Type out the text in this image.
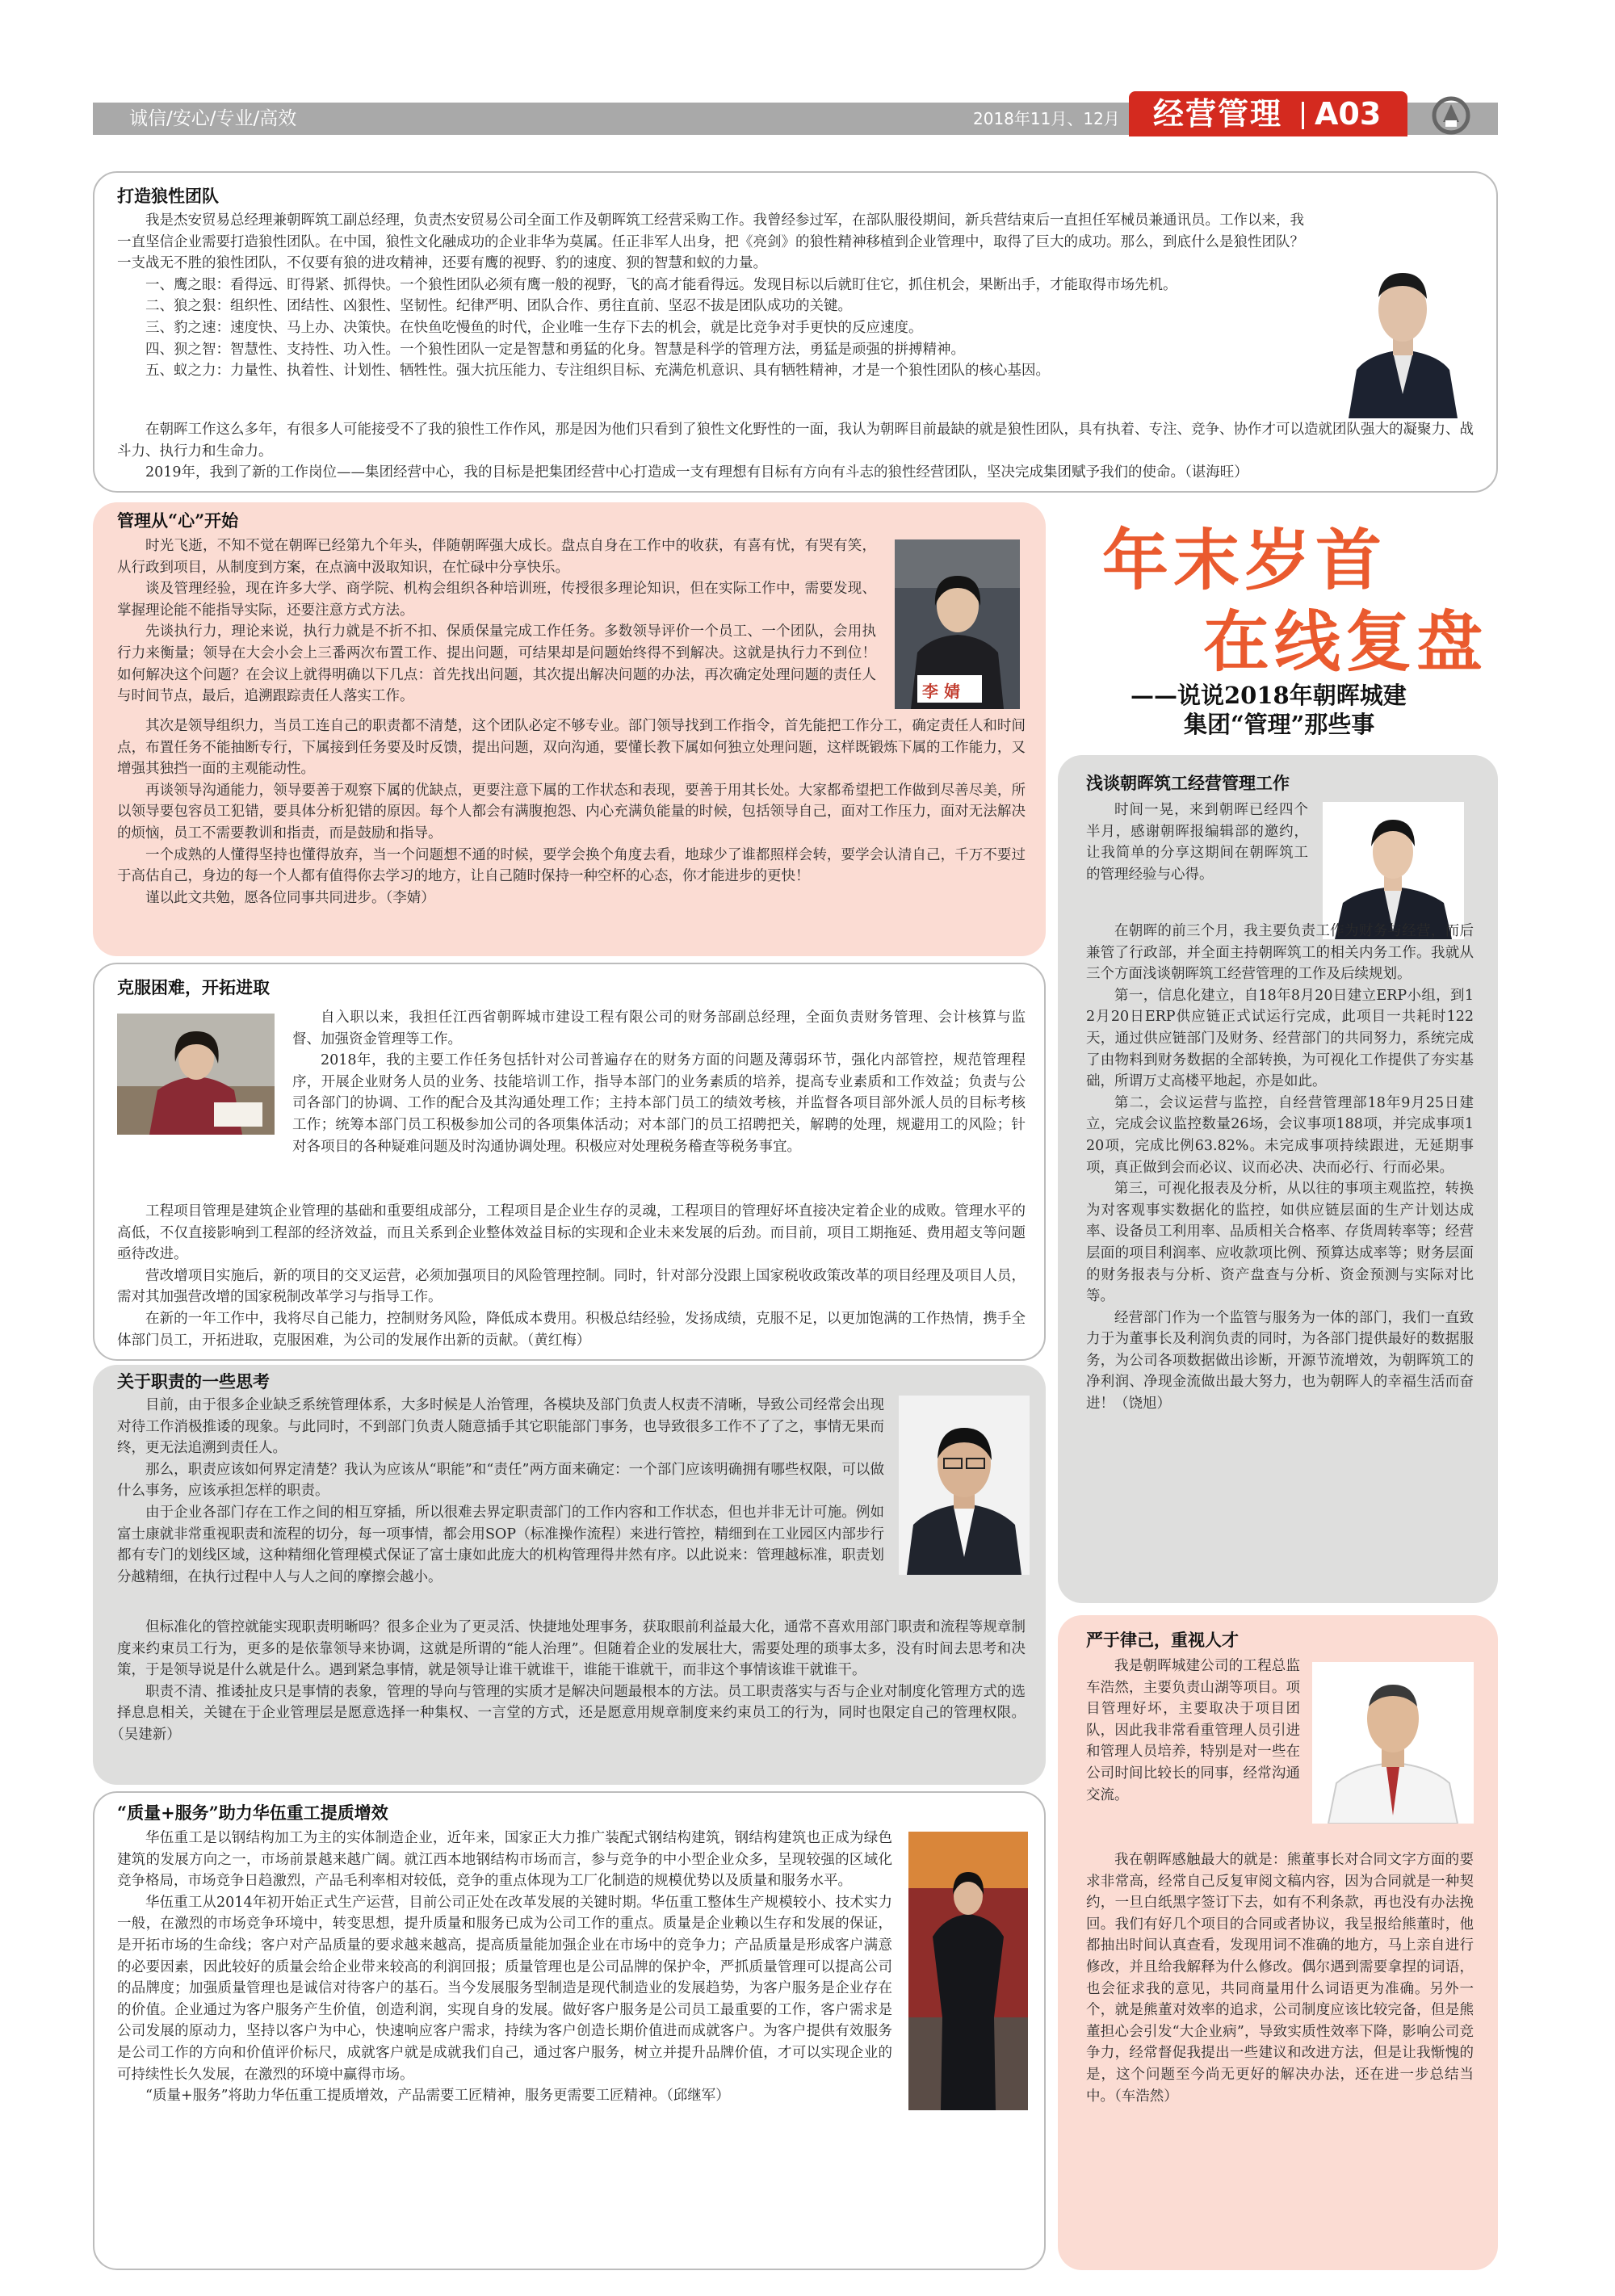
诚信/安心/专业/高效	2018年11月、12月 经营管理 A03
打造狼性团队

我是杰安贸易总经理兼朝晖筑工副总经理，负责杰安贸易公司全面工作及朝晖筑工经营采购工作。我曾经参过军，在部队服役期间，新兵营结束后一直担任军械员兼通讯员。工作以来，我一直坚信企业需要打造狼性团队。在中国，狼性文化融成功的企业非华为莫属。任正非军人出身，把《亮剑》的狼性精神移植到企业管理中，取得了巨大的成功。那么，到底什么是狼性团队？一支战无不胜的狼性团队，不仅要有狼的进攻精神，还要有鹰的视野、豹的速度、狈的智慧和蚁的力量。

一、鹰之眼：看得远、盯得紧、抓得快。一个狼性团队必须有鹰一般的视野，飞的高才能看得远。发现目标以后就盯住它，抓住机会，果断出手，才能取得市场先机。

二、狼之狠：组织性、团结性、凶狠性、坚韧性。纪律严明、团队合作、勇往直前、坚忍不拔是团队成功的关键。

三、豹之速：速度快、马上办、决策快。在快鱼吃慢鱼的时代，企业唯一生存下去的机会，就是比竞争对手更快的反应速度。

四、狈之智：智慧性、支持性、功入性。一个狼性团队一定是智慧和勇猛的化身。智慧是科学的管理方法，勇猛是顽强的拼搏精神。

五、蚁之力：力量性、执着性、计划性、牺牲性。强大抗压能力、专注组织目标、充满危机意识、具有牺牲精神，才是一个狼性团队的核心基因。

在朝晖工作这么多年，有很多人可能接受不了我的狼性工作作风，那是因为他们只看到了狼性文化野性的一面，我认为朝晖目前最缺的就是狼性团队，具有执着、专注、竞争、协作才可以造就团队强大的凝聚力、战斗力、执行力和生命力。

2019年，我到了新的工作岗位——集团经营中心，我的目标是把集团经营中心打造成一支有理想有目标有方向有斗志的狼性经营团队，坚决完成集团赋予我们的使命。（谌海旺）

管理从“心”开始

时光飞逝，不知不觉在朝晖已经第九个年头，伴随朝晖强大成长。盘点自身在工作中的收获，有喜有忧，有哭有笑，从行政到项目，从制度到方案，在点滴中汲取知识，在忙碌中分享快乐。

谈及管理经验，现在许多大学、商学院、机构会组织各种培训班，传授很多理论知识，但在实际工作中，需要发现、掌握理论能不能指导实际，还要注意方式方法。

先谈执行力，理论来说，执行力就是不折不扣、保质保量完成工作任务。多数领导评价一个员工、一个团队，会用执行力来衡量；领导在大会小会上三番两次布置工作、提出问题，可结果却是问题始终得不到解决。这就是执行力不到位！如何解决这个问题？在会议上就得明确以下几点：首先找出问题，其次提出解决问题的办法，再次确定处理问题的责任人与时间节点，最后，追溯跟踪责任人落实工作。

其次是领导组织力，当员工连自己的职责都不清楚，这个团队必定不够专业。部门领导找到工作指令，首先能把工作分工，确定责任人和时间点，布置任务不能抽断专行，下属接到任务要及时反馈，提出问题，双向沟通，要懂长教下属如何独立处理问题，这样既锻炼下属的工作能力，又增强其独挡一面的主观能动性。

再谈领导沟通能力，领导要善于观察下属的优缺点，更要注意下属的工作状态和表现，要善于用其长处。大家都希望把工作做到尽善尽美，所以领导要包容员工犯错，要具体分析犯错的原因。每个人都会有满腹抱怨、内心充满负能量的时候，包括领导自己，面对工作压力，面对无法解决的烦恼，员工不需要教训和指责，而是鼓励和指导。

一个成熟的人懂得坚持也懂得放弃，当一个问题想不通的时候，要学会换个角度去看，地球少了谁都照样会转，要学会认清自己，千万不要过于高估自己，身边的每一个人都有值得你去学习的地方，让自己随时保持一种空杯的心态，你才能进步的更快！

谨以此文共勉，愿各位同事共同进步。（李婧）

李 婧
年末岁首
在线复盘
——说说2018年朝晖城建
集团“管理”那些事
克服困难，开拓进取

自入职以来，我担任江西省朝晖城市建设工程有限公司的财务部副总经理，全面负责财务管理、会计核算与监督、加强资金管理等工作。

2018年，我的主要工作任务包括针对公司普遍存在的财务方面的问题及薄弱环节，强化内部管控，规范管理程序，开展企业财务人员的业务、技能培训工作，指导本部门的业务素质的培养，提高专业素质和工作效益；负责与公司各部门的协调、工作的配合及其沟通处理工作；主持本部门员工的绩效考核，并监督各项目部外派人员的目标考核工作；统筹本部门员工积极参加公司的各项集体活动；对本部门的员工招聘把关，解聘的处理，规避用工的风险；针对各项目的各种疑难问题及时沟通协调处理。积极应对处理税务稽查等税务事宜。

工程项目管理是建筑企业管理的基础和重要组成部分，工程项目是企业生存的灵魂，工程项目的管理好坏直接决定着企业的成败。管理水平的高低，不仅直接影响到工程部的经济效益，而且关系到企业整体效益目标的实现和企业未来发展的后劲。而目前，项目工期拖延、费用超支等问题亟待改进。

营改增项目实施后，新的项目的交叉运营，必须加强项目的风险管理控制。同时，针对部分没跟上国家税收政策改革的项目经理及项目人员，需对其加强营改增的国家税制改革学习与指导工作。

在新的一年工作中，我将尽自己能力，控制财务风险，降低成本费用。积极总结经验，发扬成绩，克服不足，以更加饱满的工作热情，携手全体部门员工，开拓进取，克服困难，为公司的发展作出新的贡献。（黄红梅）

关于职责的一些思考

目前，由于很多企业缺乏系统管理体系，大多时候是人治管理，各模块及部门负责人权责不清晰，导致公司经常会出现对待工作消极推诿的现象。与此同时，不到部门负责人随意插手其它职能部门事务，也导致很多工作不了了之，事情无果而终，更无法追溯到责任人。

那么，职责应该如何界定清楚？我认为应该从“职能”和“责任”两方面来确定：一个部门应该明确拥有哪些权限，可以做什么事务，应该承担怎样的职责。

由于企业各部门存在工作之间的相互穿插，所以很难去界定职责部门的工作内容和工作状态，但也并非无计可施。例如富士康就非常重视职责和流程的切分，每一项事情，都会用SOP（标准操作流程）来进行管控，精细到在工业园区内部步行都有专门的划线区域，这种精细化管理模式保证了富士康如此庞大的机构管理得井然有序。以此说来：管理越标准，职责划分越精细，在执行过程中人与人之间的摩擦会越小。

但标准化的管控就能实现职责明晰吗？很多企业为了更灵活、快捷地处理事务，获取眼前利益最大化，通常不喜欢用部门职责和流程等规章制度来约束员工行为，更多的是依靠领导来协调，这就是所谓的“能人治理”。但随着企业的发展壮大，需要处理的琐事太多，没有时间去思考和决策，于是领导说是什么就是什么。遇到紧急事情，就是领导让谁干就谁干，谁能干谁就干，而非这个事情该谁干就谁干。

职责不清、推诿扯皮只是事情的表象，管理的导向与管理的实质才是解决问题最根本的方法。员工职责落实与否与企业对制度化管理方式的选择息息相关，关键在于企业管理层是愿意选择一种集权、一言堂的方式，还是愿意用规章制度来约束员工的行为，同时也限定自己的管理权限。（吴建新）

“质量+服务”助力华伍重工提质增效

华伍重工是以钢结构加工为主的实体制造企业，近年来，国家正大力推广装配式钢结构建筑，钢结构建筑也正成为绿色建筑的发展方向之一，市场前景越来越广阔。就江西本地钢结构市场而言，参与竞争的中小型企业众多，呈现较强的区域化竞争格局，市场竞争日趋激烈，产品毛利率相对较低，竞争的重点体现为工厂化制造的规模优势以及质量和服务水平。

华伍重工从2014年初开始正式生产运营，目前公司正处在改革发展的关键时期。华伍重工整体生产规模较小、技术实力一般，在激烈的市场竞争环境中，转变思想，提升质量和服务已成为公司工作的重点。质量是企业赖以生存和发展的保证，是开拓市场的生命线；客户对产品质量的要求越来越高，提高质量能加强企业在市场中的竞争力；产品质量是形成客户满意的必要因素，因此较好的质量会给企业带来较高的利润回报；质量管理也是公司品牌的保护伞，严抓质量管理可以提高公司的品牌度；加强质量管理也是诚信对待客户的基石。当今发展服务型制造是现代制造业的发展趋势，为客户服务是企业存在的价值。企业通过为客户服务产生价值，创造利润，实现自身的发展。做好客户服务是公司员工最重要的工作，客户需求是公司发展的原动力，坚持以客户为中心，快速响应客户需求，持续为客户创造长期价值进而成就客户。为客户提供有效服务是公司工作的方向和价值评价标尺，成就客户就是成就我们自己，通过客户服务，树立并提升品牌价值，才可以实现企业的可持续性长久发展，在激烈的环境中赢得市场。

“质量+服务”将助力华伍重工提质增效，产品需要工匠精神，服务更需要工匠精神。（邱继军）

浅谈朝晖筑工经营管理工作

时间一晃，来到朝晖已经四个半月，感谢朝晖报编辑部的邀约，让我简单的分享这期间在朝晖筑工的管理经验与心得。

在朝晖的前三个月，我主要负责工作为财务与经营，而后兼管了行政部，并全面主持朝晖筑工的相关内务工作。我就从三个方面浅谈朝晖筑工经营管理的工作及后续规划。

第一，信息化建立，自18年8月20日建立ERP小组，到12月20日ERP供应链正式试运行完成，此项目一共耗时122天，通过供应链部门及财务、经营部门的共同努力，系统完成了由物料到财务数据的全部转换，为可视化工作提供了夯实基础，所谓万丈高楼平地起，亦是如此。

第二，会议运营与监控，自经营管理部18年9月25日建立，完成会议监控数量26场，会议事项188项，并完成事项120项，完成比例63.82%。未完成事项持续跟进，无延期事项，真正做到会而必议、议而必决、决而必行、行而必果。

第三，可视化报表及分析，从以往的事项主观监控，转换为对客观事实数据化的监控，如供应链层面的生产计划达成率、设备员工利用率、品质相关合格率、存货周转率等；经营层面的项目利润率、应收款项比例、预算达成率等；财务层面的财务报表与分析、资产盘查与分析、资金预测与实际对比等。

经营部门作为一个监管与服务为一体的部门，我们一直致力于为董事长及利润负责的同时，为各部门提供最好的数据服务，为公司各项数据做出诊断，开源节流增效，为朝晖筑工的净利润、净现金流做出最大努力，也为朝晖人的幸福生活而奋进！（饶旭）

严于律己，重视人才

我是朝晖城建公司的工程总监车浩然，主要负责山湖等项目。项目管理好坏，主要取决于项目团队，因此我非常看重管理人员引进和管理人员培养，特别是对一些在公司时间比较长的同事，经常沟通交流。

我在朝晖感触最大的就是：熊董事长对合同文字方面的要求非常高，经常自己反复审阅文稿内容，因为合同就是一种契约，一旦白纸黑字签订下去，如有不利条款，再也没有办法挽回。我们有好几个项目的合同或者协议，我呈报给熊董时，他都抽出时间认真查看，发现用词不准确的地方，马上亲自进行修改，并且给我解释为什么修改。偶尔遇到需要拿捏的词语，也会征求我的意见，共同商量用什么词语更为准确。另外一个，就是熊董对效率的追求，公司制度应该比较完备，但是熊董担心会引发“大企业病”，导致实质性效率下降，影响公司竞争力，经常督促我提出一些建议和改进方法，但是让我惭愧的是，这个问题至今尚无更好的解决办法，还在进一步总结当中。（车浩然）
